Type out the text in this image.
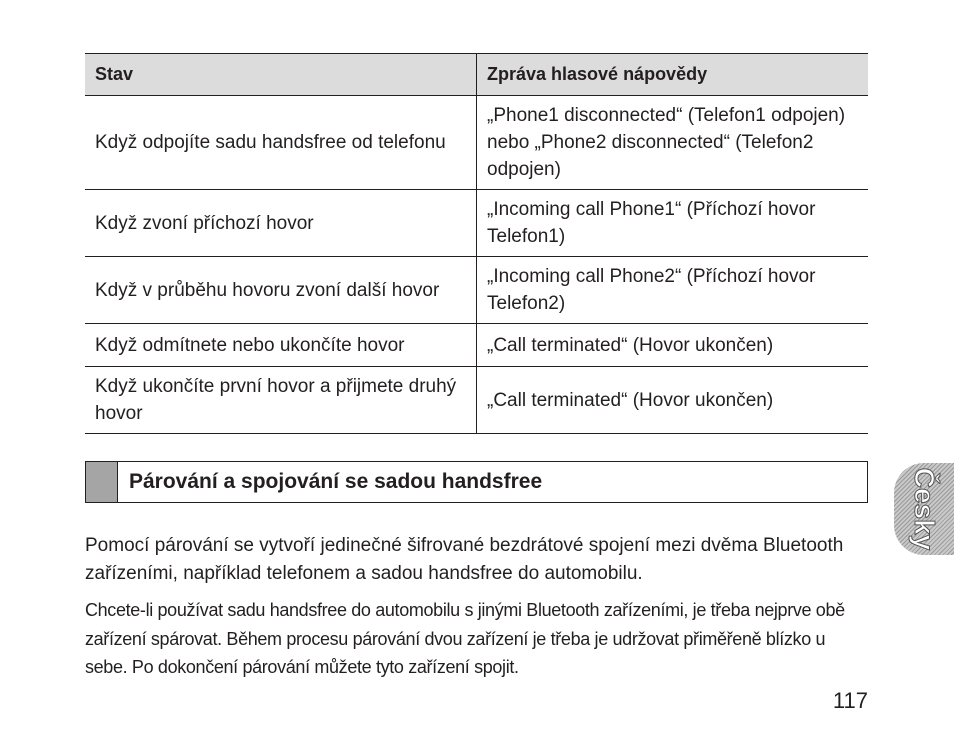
Stav	Zpráva hlasové nápovědy
Když odpojíte sadu handsfree od telefonu	„Phone1 disconnected“ (Telefon1 odpojen) nebo „Phone2 disconnected“ (Telefon2 odpojen)
Když zvoní příchozí hovor	„Incoming call Phone1“ (Příchozí hovor Telefon1)
Když v průběhu hovoru zvoní další hovor	„Incoming call Phone2“ (Příchozí hovor Telefon2)
Když odmítnete nebo ukončíte hovor	„Call terminated“ (Hovor ukončen)
Když ukončíte první hovor a přijmete druhý hovor	„Call terminated“ (Hovor ukončen)
Párování a spojování se sadou handsfree

Pomocí párování se vytvoří jedinečné šifrované bezdrátové spojení mezi dvěma Bluetooth zařízeními, například telefonem a sadou handsfree do automobilu.

Chcete-li používat sadu handsfree do automobilu s jinými Bluetooth zařízeními, je třeba nejprve obě zařízení spárovat. Během procesu párování dvou zařízení je třeba je udržovat přiměřeně blízko u sebe. Po dokončení párování můžete tyto zařízení spojit.

117
Česky
